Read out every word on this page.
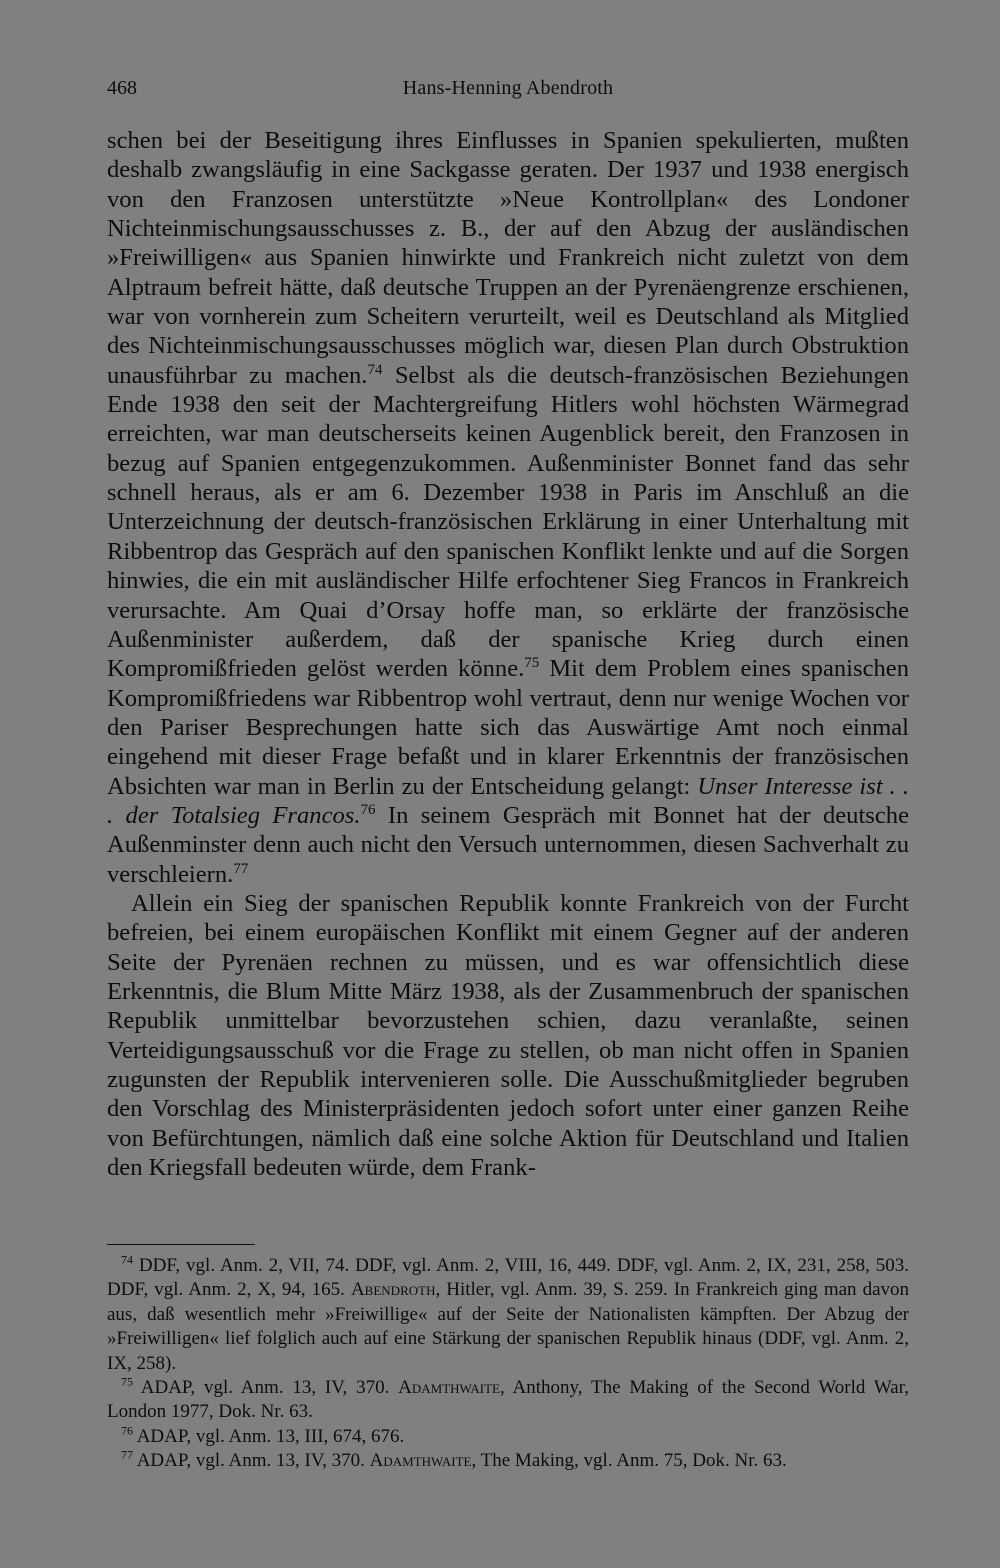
468	Hans-Henning Abendroth

schen bei der Beseitigung ihres Einflusses in Spanien spekulierten, mußten deshalb zwangsläufig in eine Sackgasse geraten. Der 1937 und 1938 energisch von den Franzosen unterstützte »Neue Kontrollplan« des Londoner Nichteinmischungsausschusses z. B., der auf den Abzug der ausländischen »Freiwilligen« aus Spanien hinwirkte und Frankreich nicht zuletzt von dem Alptraum befreit hätte, daß deutsche Truppen an der Pyrenäengrenze erschienen, war von vornherein zum Scheitern verurteilt, weil es Deutschland als Mitglied des Nichteinmischungsausschusses möglich war, diesen Plan durch Obstruktion unausführbar zu machen.$^{74}$ Selbst als die deutsch-französischen Beziehungen Ende 1938 den seit der Machtergreifung Hitlers wohl höchsten Wärmegrad erreichten, war man deutscherseits keinen Augenblick bereit, den Franzosen in bezug auf Spanien entgegenzukommen. Außenminister Bonnet fand das sehr schnell heraus, als er am 6. Dezember 1938 in Paris im Anschluß an die Unterzeichnung der deutsch-französischen Erklärung in einer Unterhaltung mit Ribbentrop das Gespräch auf den spanischen Konflikt lenkte und auf die Sorgen hinwies, die ein mit ausländischer Hilfe erfochtener Sieg Francos in Frankreich verursachte. Am Quai d’Orsay hoffe man, so erklärte der französische Außenminister außerdem, daß der spanische Krieg durch einen Kompromißfrieden gelöst werden könne.$^{75}$ Mit dem Problem eines spanischen Kompromißfriedens war Ribbentrop wohl vertraut, denn nur wenige Wochen vor den Pariser Besprechungen hatte sich das Auswärtige Amt noch einmal eingehend mit dieser Frage befaßt und in klarer Erkenntnis der französischen Absichten war man in Berlin zu der Entscheidung gelangt: Unser Interesse ist . . . der Totalsieg Francos.$^{76}$ In seinem Gespräch mit Bonnet hat der deutsche Außenminster denn auch nicht den Versuch unternommen, diesen Sachverhalt zu verschleiern.$^{77}$

Allein ein Sieg der spanischen Republik konnte Frankreich von der Furcht befreien, bei einem europäischen Konflikt mit einem Gegner auf der anderen Seite der Pyrenäen rechnen zu müssen, und es war offensichtlich diese Erkenntnis, die Blum Mitte März 1938, als der Zusammenbruch der spanischen Republik unmittelbar bevorzustehen schien, dazu veranlaßte, seinen Verteidigungsausschuß vor die Frage zu stellen, ob man nicht offen in Spanien zugunsten der Republik intervenieren solle. Die Ausschußmitglieder begruben den Vorschlag des Ministerpräsidenten jedoch sofort unter einer ganzen Reihe von Befürchtungen, nämlich daß eine solche Aktion für Deutschland und Italien den Kriegsfall bedeuten würde, dem Frank-

$^{74}$ DDF, vgl. Anm. 2, VII, 74. DDF, vgl. Anm. 2, VIII, 16, 449. DDF, vgl. Anm. 2, IX, 231, 258, 503. DDF, vgl. Anm. 2, X, 94, 165. Abendroth, Hitler, vgl. Anm. 39, S. 259. In Frankreich ging man davon aus, daß wesentlich mehr »Freiwillige« auf der Seite der Nationalisten kämpften. Der Abzug der »Freiwilligen« lief folglich auch auf eine Stärkung der spanischen Republik hinaus (DDF, vgl. Anm. 2, IX, 258).

$^{75}$ ADAP, vgl. Anm. 13, IV, 370. Adamthwaite, Anthony, The Making of the Second World War, London 1977, Dok. Nr. 63.

$^{76}$ ADAP, vgl. Anm. 13, III, 674, 676.

$^{77}$ ADAP, vgl. Anm. 13, IV, 370. Adamthwaite, The Making, vgl. Anm. 75, Dok. Nr. 63.
